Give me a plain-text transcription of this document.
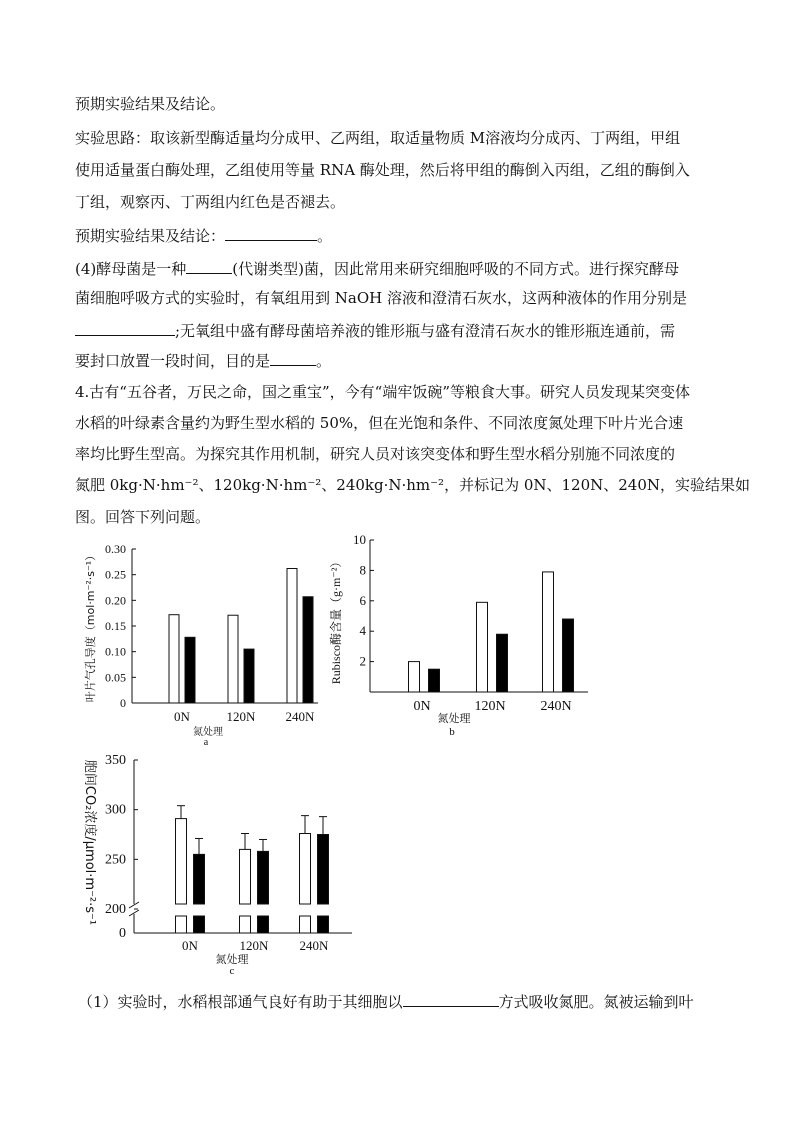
预期实验结果及结论。
实验思路：取该新型酶适量均分成甲、乙两组，取适量物质 M溶液均分成丙、丁两组，甲组
使用适量蛋白酶处理，乙组使用等量 RNA 酶处理，然后将甲组的酶倒入丙组，乙组的酶倒入
丁组，观察丙、丁两组内红色是否褪去。
预期实验结果及结论：	。
(4)酵母菌是一种	(代谢类型)菌，因此常用来研究细胞呼吸的不同方式。进行探究酵母
菌细胞呼吸方式的实验时，有氧组用到 NaOH 溶液和澄清石灰水，这两种液体的作用分别是
;无氧组中盛有酵母菌培养液的锥形瓶与盛有澄清石灰水的锥形瓶连通前，需
要封口放置一段时间，目的是	。
4.古有“五谷者，万民之命，国之重宝”，今有“端牢饭碗”等粮食大事。研究人员发现某突变体
水稻的叶绿素含量约为野生型水稻的 50%，但在光饱和条件、不同浓度氮处理下叶片光合速
率均比野生型高。为探究其作用机制，研究人员对该突变体和野生型水稻分别施不同浓度的
氮肥 0kg·N·hm⁻²、120kg·N·hm⁻²、240kg·N·hm⁻²，并标记为 0N、120N、240N，实验结果如
图。回答下列问题。
0
0.05
0.10
0.15
0.20
0.25
0.30
0N	120N 240N
氮处理
a
叶片气孔导度（mol·m⁻²·s⁻¹）	2
4
6
8
10
0N	120N 240N
氮处理
b
Rubisco酶含量（g·m⁻²）
0
200
250
300
350
0N	120N 240N
氮处理
c
胞间CO₂浓度/μmol·m⁻²·s⁻¹
（1）实验时，水稻根部通气良好有助于其细胞以	方式吸收氮肥。氮被运输到叶
